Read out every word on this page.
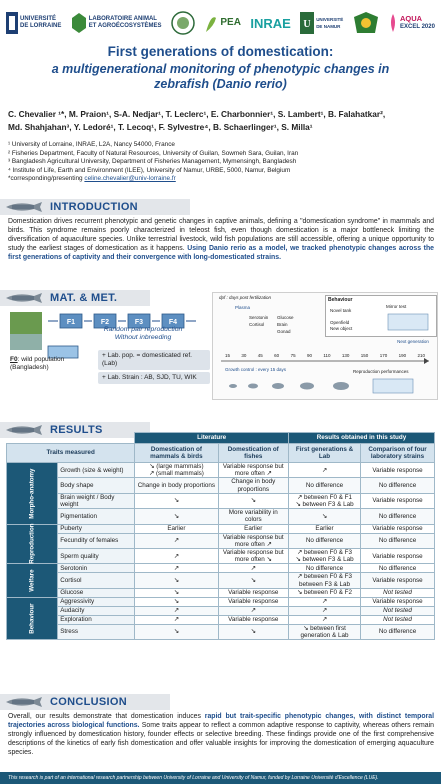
UNIVERSITÉ
DE LORRAINE
LABORATOIRE ANIMAL
ET AGROÉCOSYSTÈMES	PEA INRAE U UNIVERSITÉ
DE NAMUR
AQUA
EXCEL 2020
First generations of domestication:
a multigenerational monitoring of phenotypic changes in
zebrafish (Danio rerio)
C. Chevalier ¹*, M. Praion¹, S-A. Nedjar¹, T. Leclerc¹, E. Charbonnier¹, S. Lambert¹, B. Falahatkar²,
Md. Shahjahan³, Y. Ledoré¹, T. Lecoq¹, F. Sylvestre⁴, B. Schaerlinger¹, S. Milla¹
¹ University of Lorraine, INRAE, L2A, Nancy 54000, France
² Fisheries Department, Faculty of Natural Resources, University of Guilan, Sowmeh Sara, Guilan, Iran
³ Bangladesh Agricultural University, Department of Fisheries Management, Mymensingh, Bangladesh
⁴ Institute of Life, Earth and Environment (ILEE), University of Namur, URBE, 5000, Namur, Belgium
*corresponding/presenting celine.chevalier@univ-lorraine.fr
INTRODUCTION
Domestication drives recurrent phenotypic and genetic changes in captive animals, defining a "domestication syndrome" in mammals and birds. This syndrome remains poorly characterized in teleost fish, even though domestication is a major bottleneck limiting the diversification of aquaculture species. Unlike terrestrial livestock, wild fish populations are still accessible, offering a unique opportunity to study the earliest stages of domestication as it happens. Using Danio rerio as a model, we tracked phenotypic changes across the first generations of captivity and their convergence with long-domesticated strains.
MAT. & MET.
F1	F2	F3	F4
Random pair reproduction
Without inbreeding
F0: wild population (Bangladesh)
+ Lab. pop. = domesticated ref. (Lab)
+ Lab. Strain : AB, SJD, TU, WIK
dpf : days post fertilization
Plasma
Serotonin
Cortisol
Glucose
Brain
Gonad
Behaviour
Novel tank
Mirror test
Openfield
New object
Next generation
15	30	45	60	75	90	110	130	150	170	190	210
Growth control : every 15 days	Reproduction performances
RESULTS
		Literature		Results obtained in this study	
Traits measured		Domestication of mammals & birds	Domestication of fishes	First generations & Lab	Comparison of four laboratory strains
Morpho-anatomy	Growth (size & weight)	↘ (large mammals)
↗ (small mammals)	Variable response but more often ↗	↗	Variable response
	Body shape	Change in body proportions	Change in body proportions	No difference	No difference
	Brain weight / Body weight	↘	↘	↗ between F0 & F1
↘ between F3 & Lab	Variable response
	Pigmentation	↘	More variability in colors	↘	No difference
Reproduction	Puberty	Earlier	Earlier	Earlier	Variable response
	Fecundity of females	↗	Variable response but more often ↗	No difference	No difference
	Sperm quality	↗	Variable response but more often ↘	↗ between F0 & F3
↘ between F3 & Lab	Variable response
Welfare	Serotonin	↗	↗	No difference	No difference
	Cortisol	↘	↘	↗ between F0 & F3
between F3 & Lab	Variable response
	Glucose	↘	Variable response	↘ between F0 & F2	Not tested
Behaviour	Aggressivity	↘	Variable response	↗	Variable response
	Audacity	↗	↗	↗	Not tested
	Exploration	↗	Variable response	↗	Not tested
	Stress	↘	↘	↘ between first generation & Lab	No difference
CONCLUSION
Overall, our results demonstrate that domestication induces rapid but trait-specific phenotypic changes, with distinct temporal trajectories across biological functions. Some traits appear to reflect a common adaptive response to captivity, whereas others remain strongly influenced by domestication history, founder effects or selective breeding. These findings provide one of the first comprehensive descriptions of the kinetics of early fish domestication and offer valuable insights for improving the domestication of emerging aquaculture species.
This research is part of an international research partnership between University of Lorraine and University of Namur, funded by Lorraine Université d'Excellence (LUE).
